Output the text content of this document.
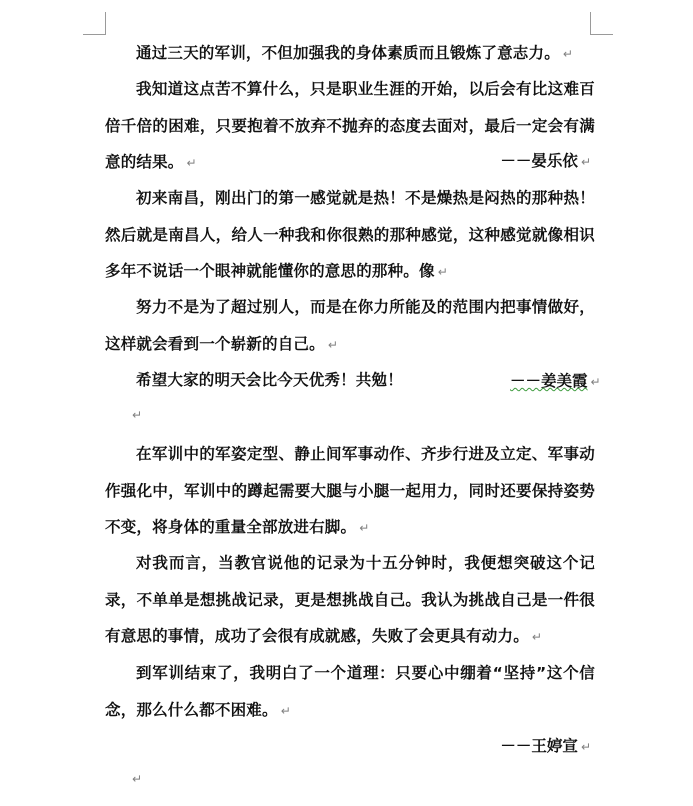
通过三天的军训，不但加强我的身体素质而且锻炼了意志力。 ↵

我知道这点苦不算什么，只是职业生涯的开始，以后会有比这难百倍千倍的困难，只要抱着不放弃不抛弃的态度去面对，最后一定会有满意的结果。 ↵	－－晏乐依 ↵

初来南昌，刚出门的第一感觉就是热！不是燥热是闷热的那种热！然后就是南昌人，给人一种我和你很熟的那种感觉，这种感觉就像相识多年不说话一个眼神就能懂你的意思的那种。像 ↵

努力不是为了超过别人，而是在你力所能及的范围内把事情做好，这样就会看到一个崭新的自己。 ↵

希望大家的明天会比今天优秀！共勉！	－－姜美霞 ↵
↵

在军训中的军姿定型、静止间军事动作、齐步行进及立定、军事动作强化中，军训中的蹲起需要大腿与小腿一起用力，同时还要保持姿势不变，将身体的重量全部放进右脚。 ↵

对我而言，当教官说他的记录为十五分钟时，我便想突破这个记录，不单单是想挑战记录，更是想挑战自己。我认为挑战自己是一件很有意思的事情，成功了会很有成就感，失败了会更具有动力。 ↵

到军训结束了，我明白了一个道理：只要心中绷着“坚持”这个信念，那么什么都不困难。 ↵

－－王婷宣 ↵
↵
